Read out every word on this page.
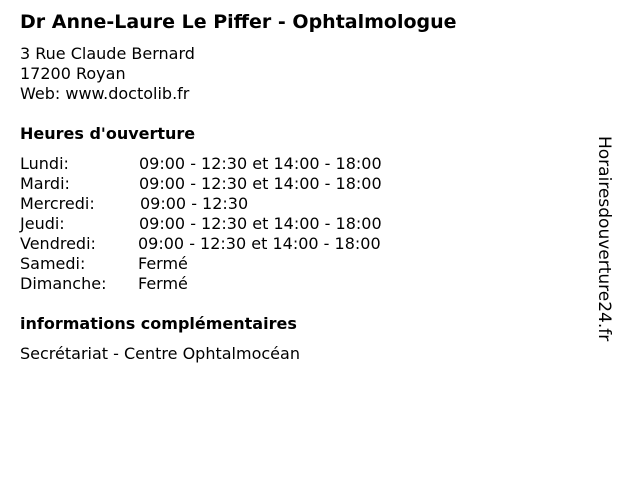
Dr Anne-Laure Le Piffer - Ophtalmologue
3 Rue Claude Bernard
17200 Royan
Web: www.doctolib.fr
Heures d'ouverture
Lundi:	09:00 - 12:30 et 14:00 - 18:00
Mardi:	09:00 - 12:30 et 14:00 - 18:00
Mercredi:	09:00 - 12:30
Jeudi:	09:00 - 12:30 et 14:00 - 18:00
Vendredi:	09:00 - 12:30 et 14:00 - 18:00
Samedi:	Fermé
Dimanche: Fermé
informations complémentaires
Secrétariat - Centre Ophtalmocéan
Horairesdouverture24.fr
